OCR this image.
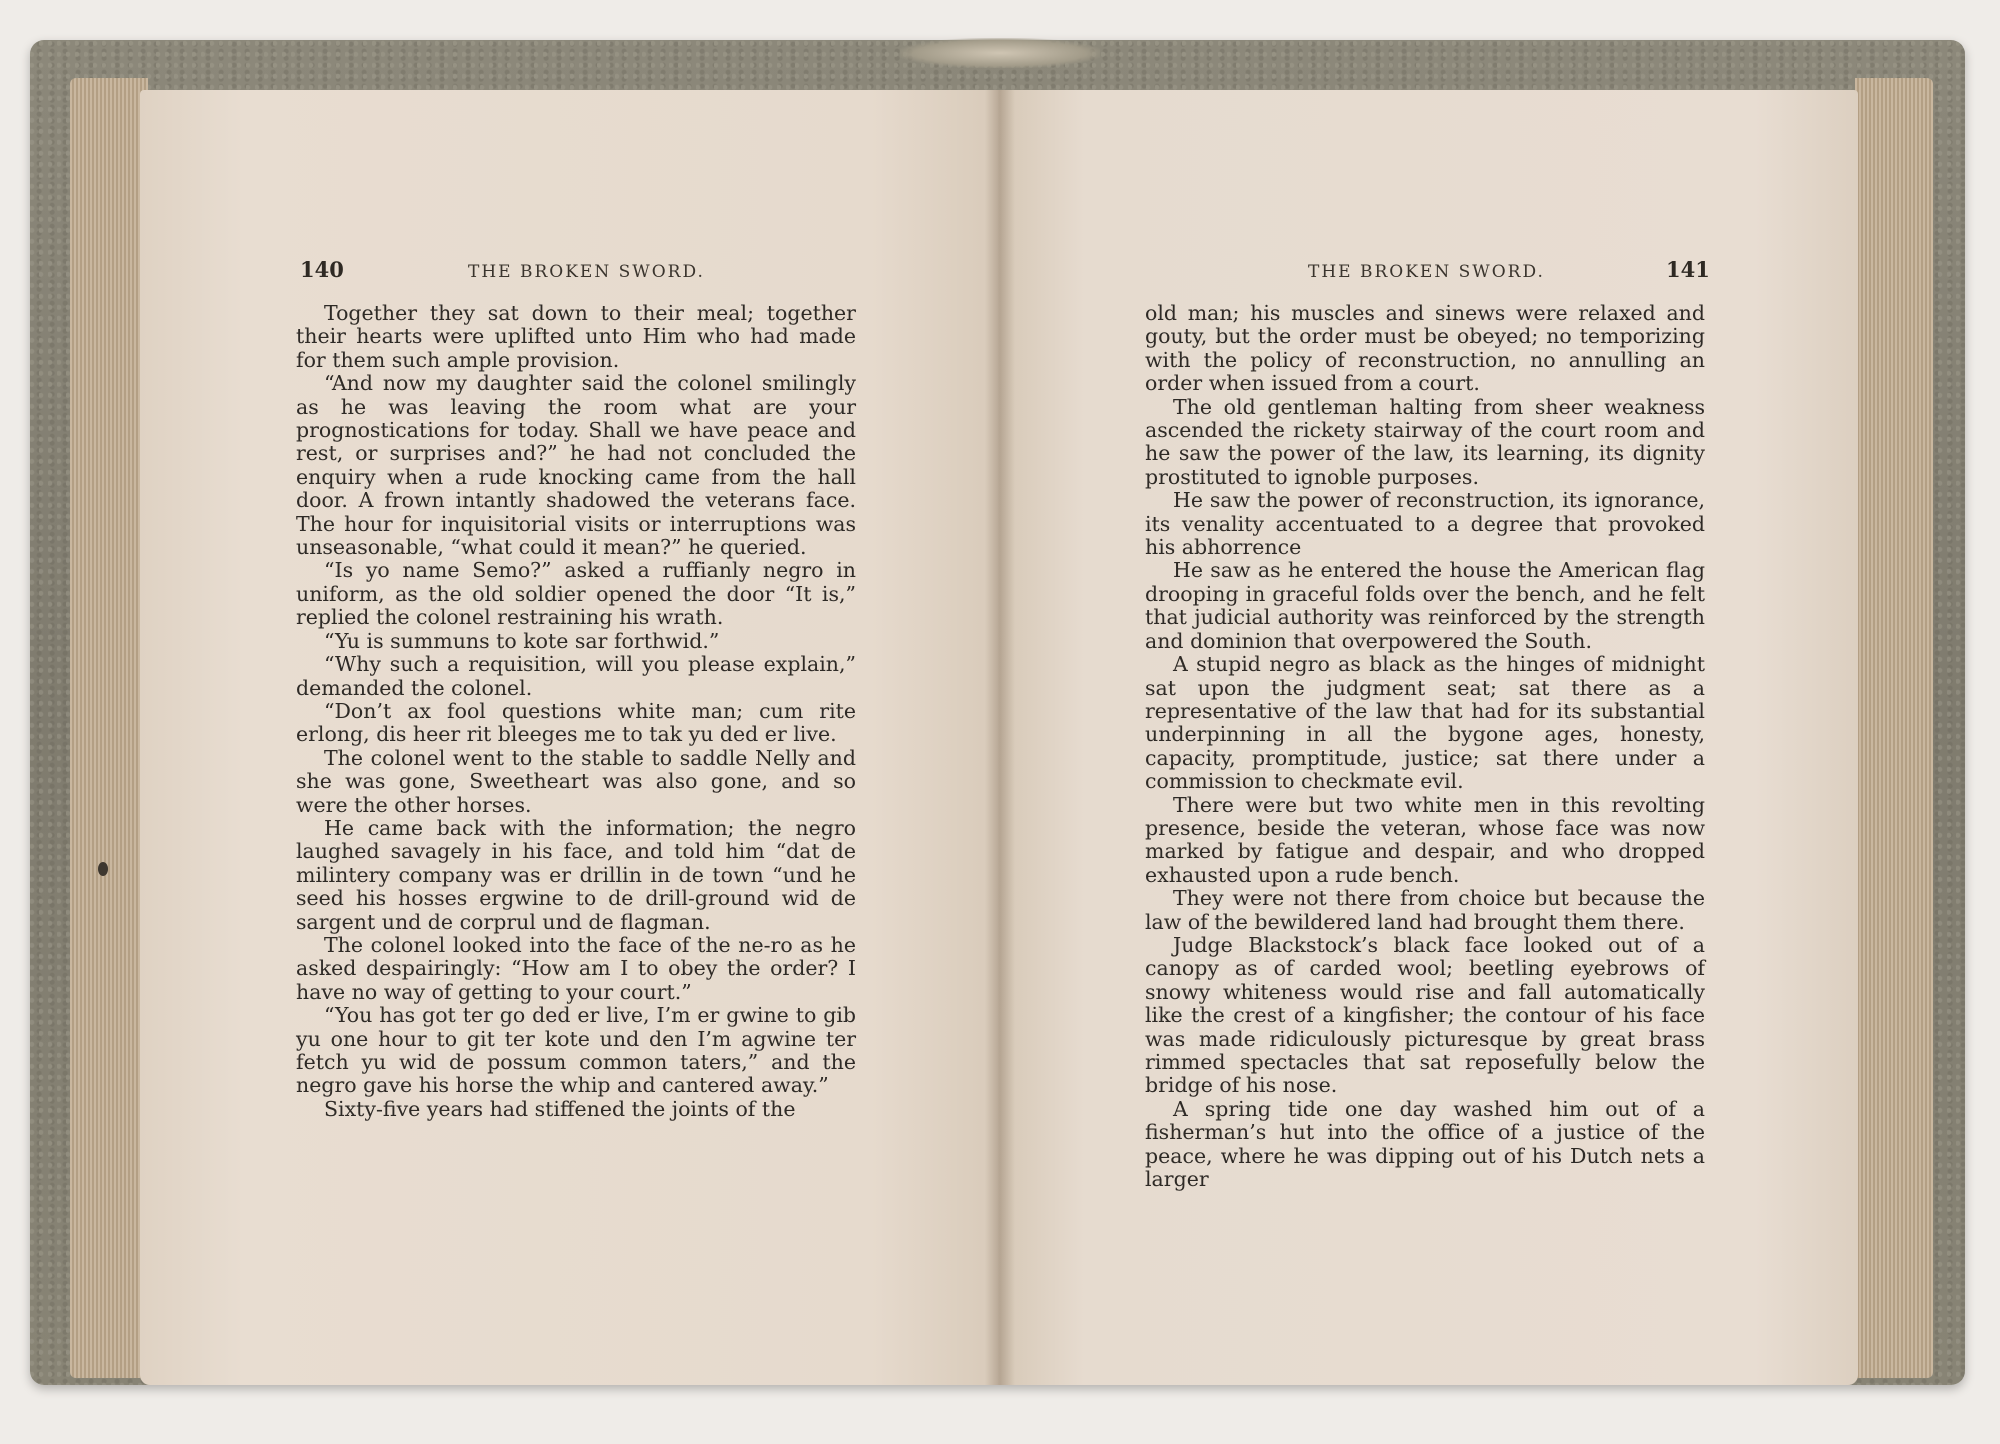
140	THE BROKEN SWORD.

Together they sat down to their meal; together their hearts were uplifted unto Him who had made for them such ample provision.

“And now my daughter said the colonel smilingly as he was leaving the room what are your prognostications for today. Shall we have peace and rest, or surprises and?” he had not concluded the enquiry when a rude knocking came from the hall door. A frown intantly shadowed the veterans face. The hour for inquisitorial visits or interruptions was unseasonable, “what could it mean?” he queried.

“Is yo name Semo?” asked a ruffianly negro in uniform, as the old soldier opened the door “It is,” replied the colonel restraining his wrath.

“Yu is summuns to kote sar forthwid.”

“Why such a requisition, will you please explain,” demanded the colonel.

“Don’t ax fool questions white man; cum rite erlong, dis heer rit bleeges me to tak yu ded er live.

The colonel went to the stable to saddle Nelly and she was gone, Sweetheart was also gone, and so were the other horses.

He came back with the information; the negro laughed savagely in his face, and told him “dat de milintery company was er drillin in de town “und he seed his hosses ergwine to de drill-ground wid de sargent und de corprul und de flagman.

The colonel looked into the face of the ne-ro as he asked despairingly: “How am I to obey the order? I have no way of getting to your court.”

“You has got ter go ded er live, I’m er gwine to gib yu one hour to git ter kote und den I’m agwine ter fetch yu wid de possum common taters,” and the negro gave his horse the whip and cantered away.”

Sixty-five years had stiffened the joints of the

THE BROKEN SWORD.	141

old man; his muscles and sinews were relaxed and gouty, but the order must be obeyed; no temporizing with the policy of reconstruction, no annulling an order when issued from a court.

The old gentleman halting from sheer weakness ascended the rickety stairway of the court room and he saw the power of the law, its learning, its dignity prostituted to ignoble purposes.

He saw the power of reconstruction, its ignorance, its venality accentuated to a degree that provoked his abhorrence

He saw as he entered the house the American flag drooping in graceful folds over the bench, and he felt that judicial authority was reinforced by the strength and dominion that overpowered the South.

A stupid negro as black as the hinges of midnight sat upon the judgment seat; sat there as a representative of the law that had for its substantial underpinning in all the bygone ages, honesty, capacity, promptitude, justice; sat there under a commission to checkmate evil.

There were but two white men in this revolting presence, beside the veteran, whose face was now marked by fatigue and despair, and who dropped exhausted upon a rude bench.

They were not there from choice but because the law of the bewildered land had brought them there.

Judge Blackstock’s black face looked out of a canopy as of carded wool; beetling eyebrows of snowy whiteness would rise and fall automatically like the crest of a kingfisher; the contour of his face was made ridiculously picturesque by great brass rimmed spectacles that sat reposefully below the bridge of his nose.

A spring tide one day washed him out of a fisherman’s hut into the office of a justice of the peace, where he was dipping out of his Dutch nets a larger
